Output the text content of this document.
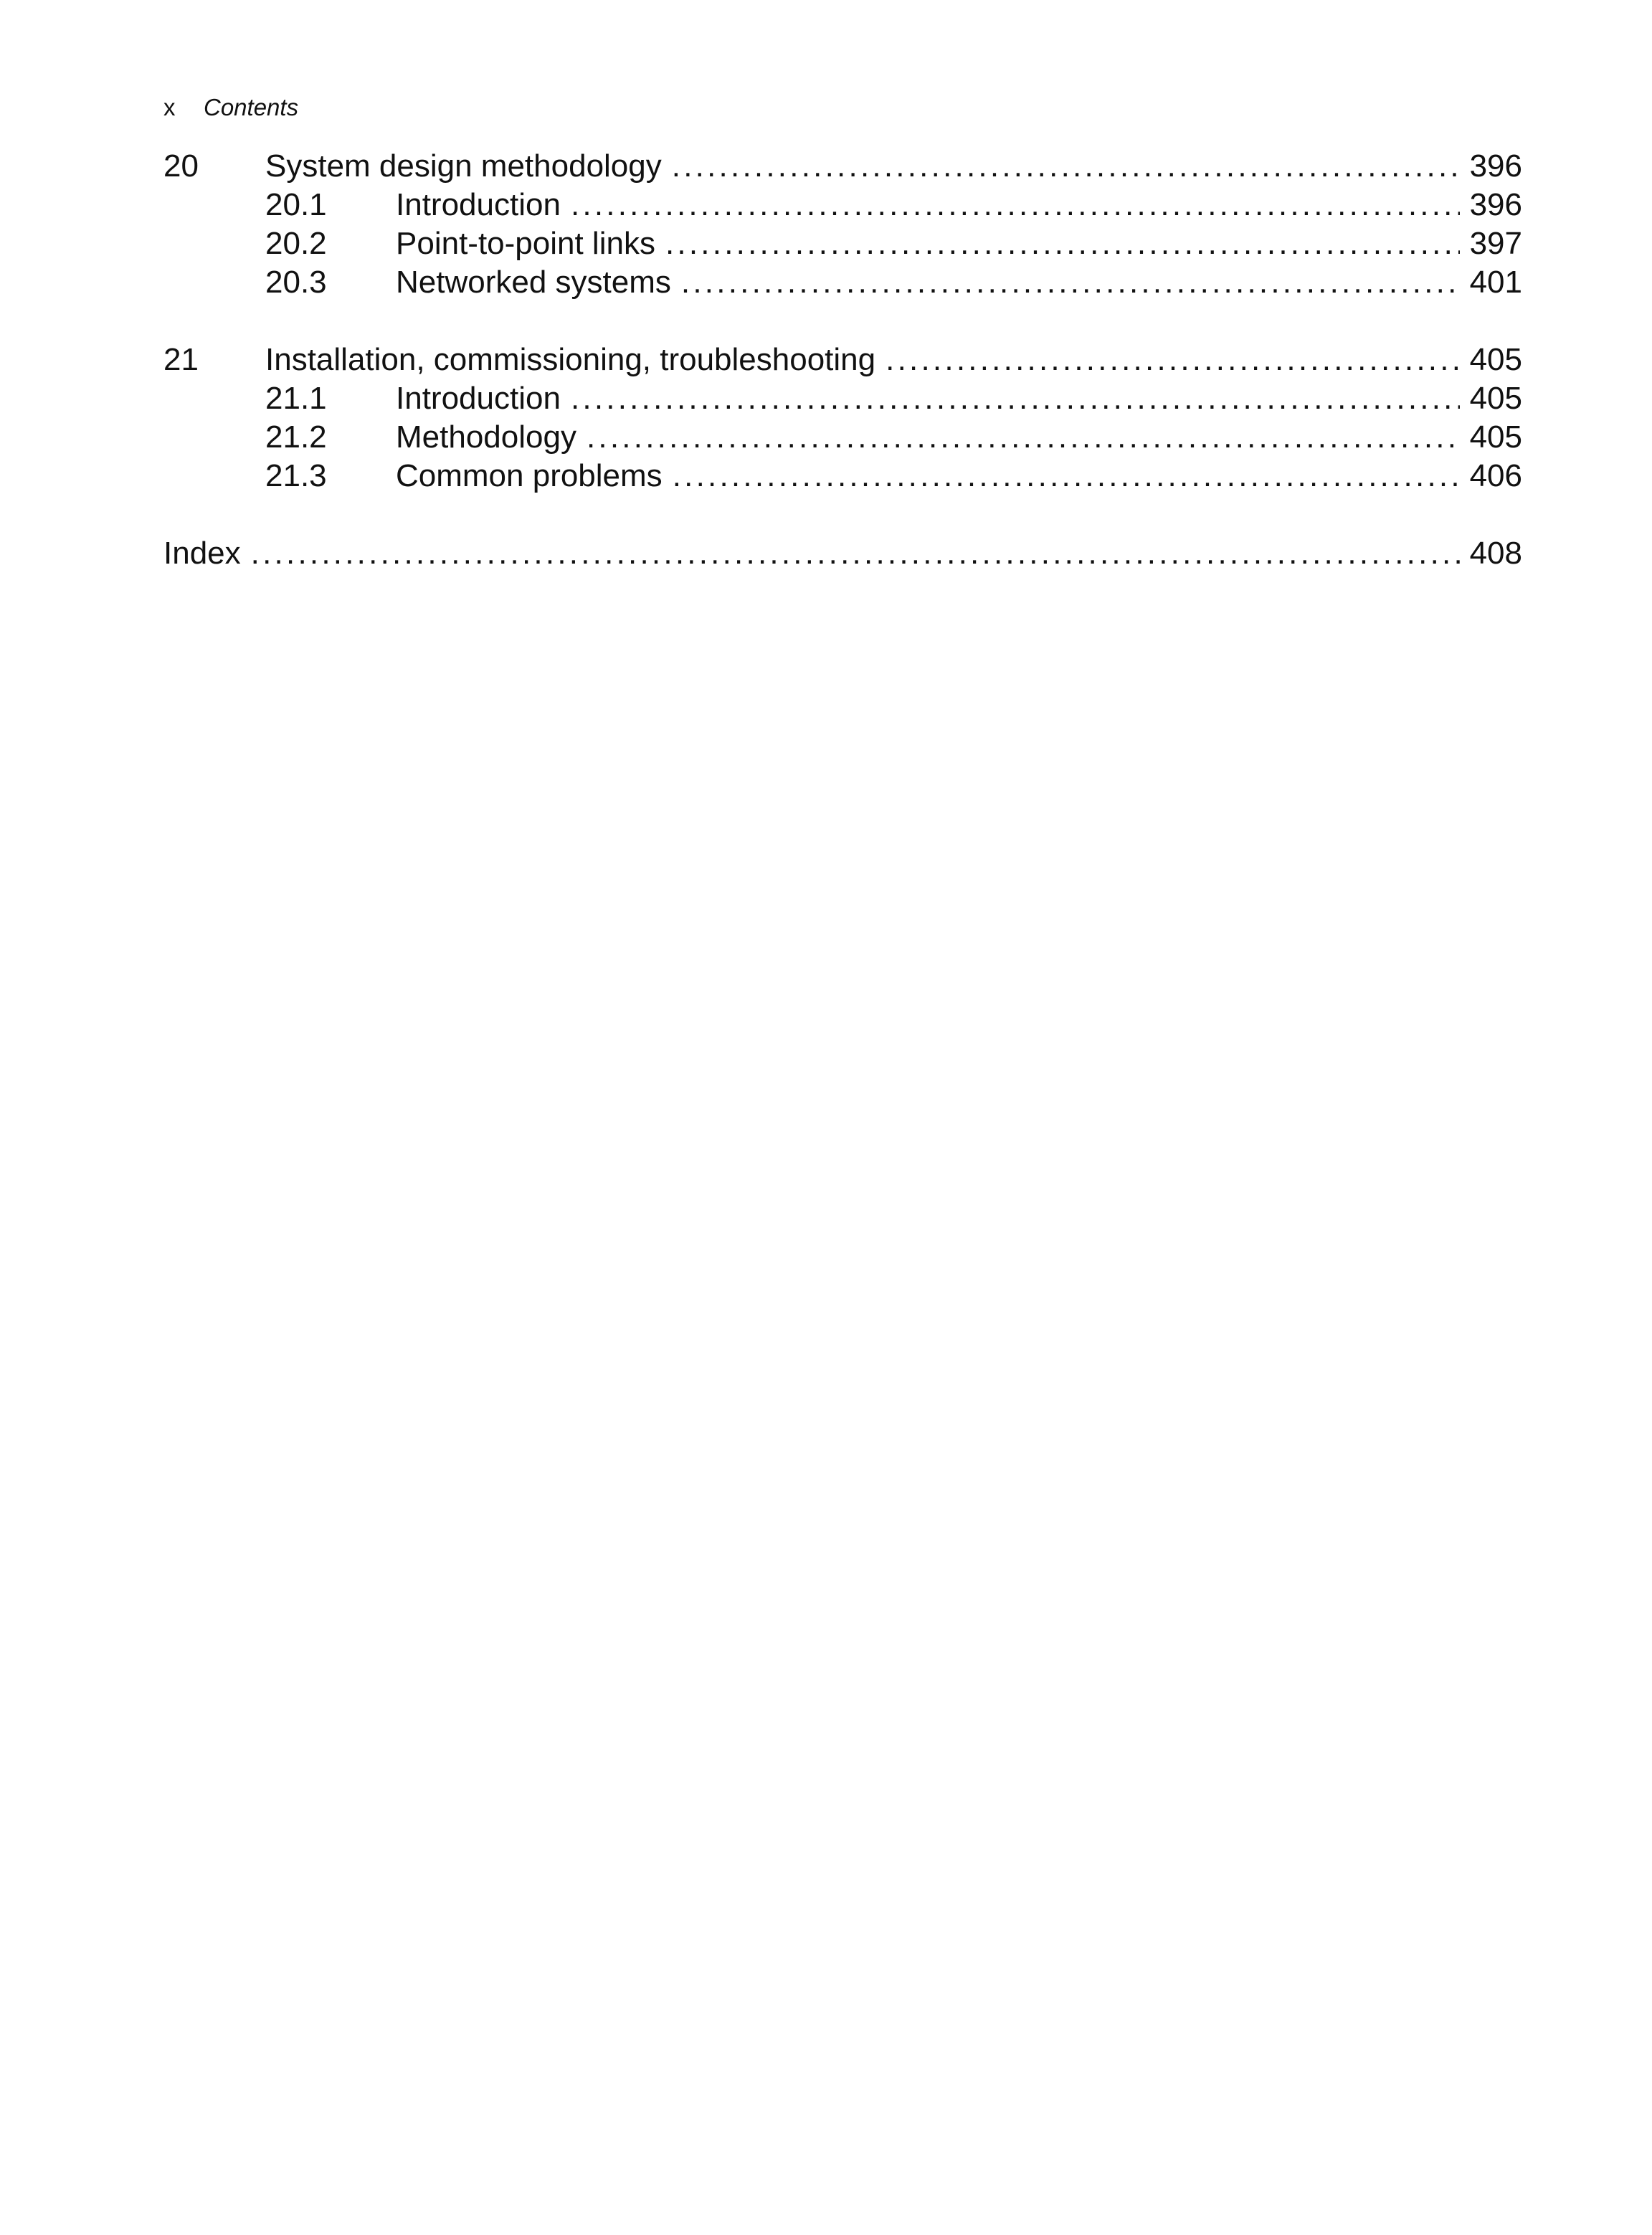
x Contents
20	System design methodology . . .	396
20.1	Introduction . . .	396
20.2	Point-to-point links . . .	397
20.3	Networked systems . . .	401
21	Installation, commissioning, troubleshooting . . .	405
21.1	Introduction . . .	405
21.2	Methodology . . .	405
21.3	Common problems . . .	406
Index . . .	408
